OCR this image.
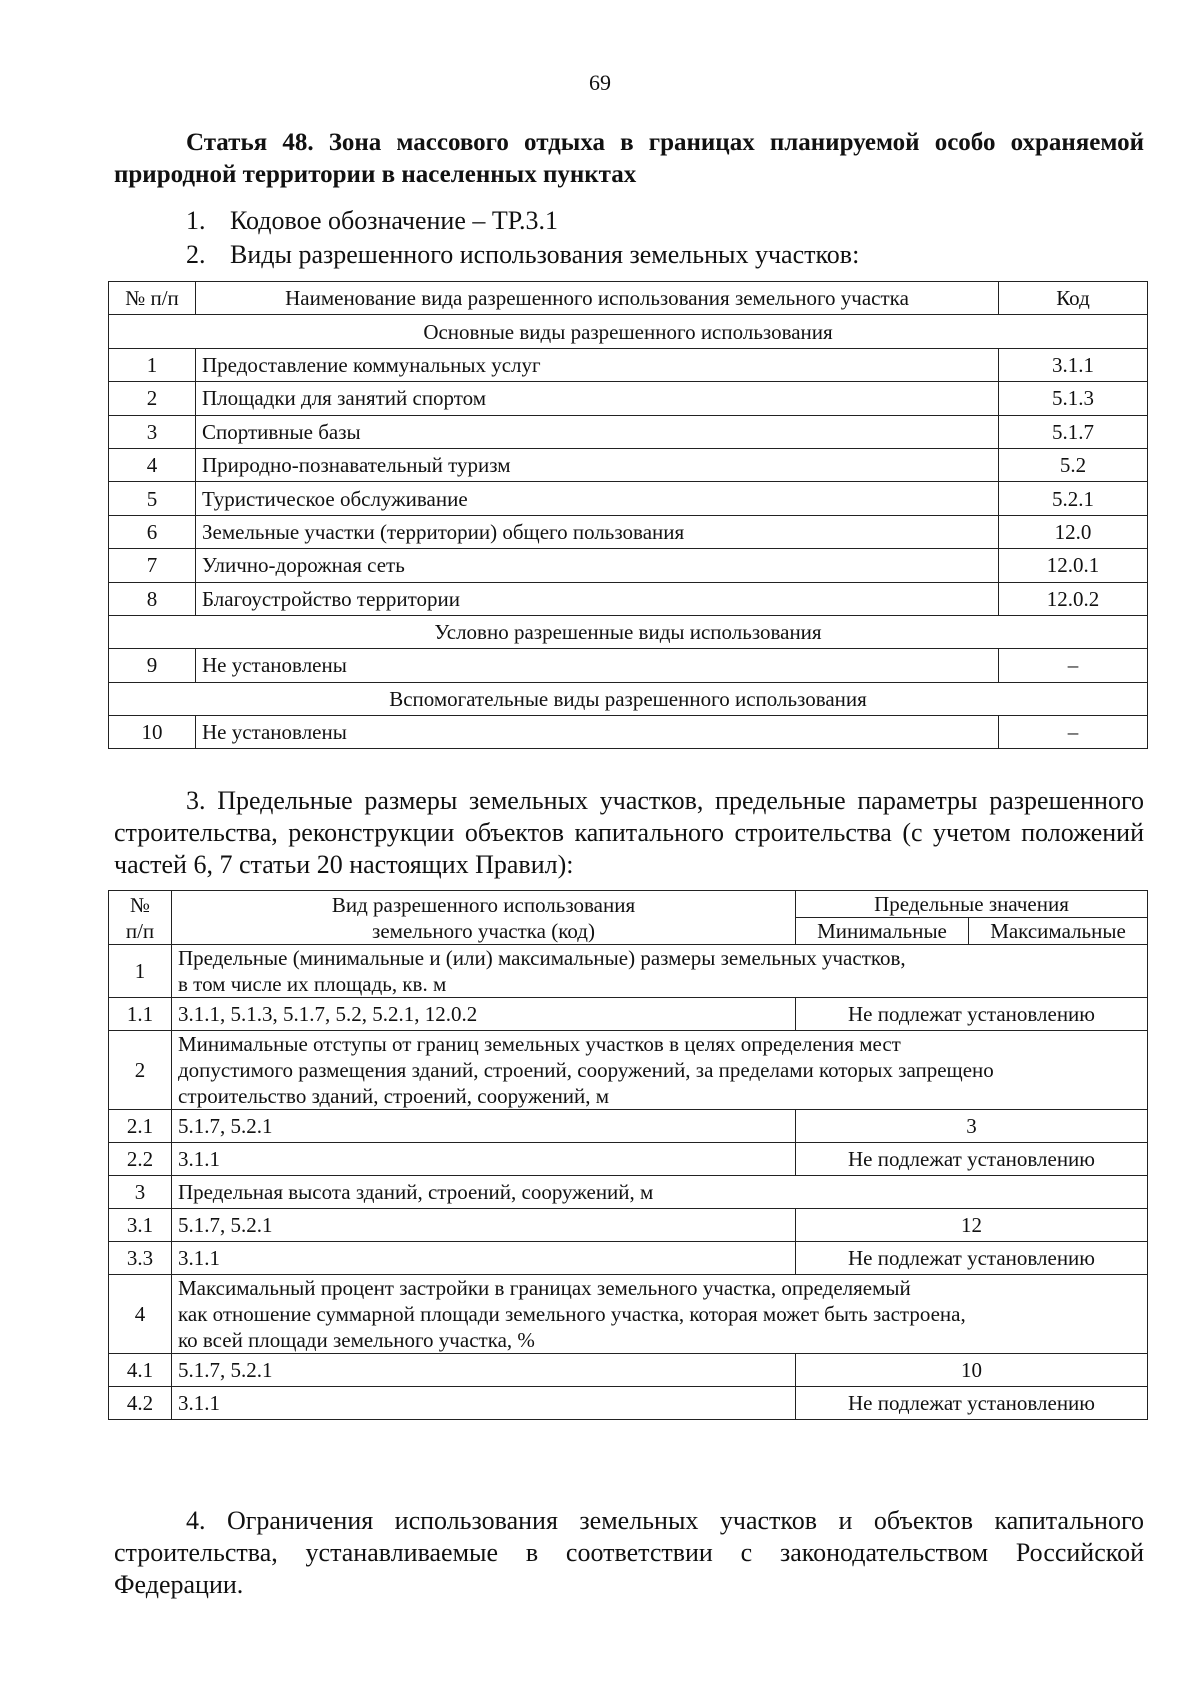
69
Статья 48. Зона массового отдыха в границах планируемой особо охраняемой природной территории в населенных пунктах
1. Кодовое обозначение – ТР.3.1
2. Виды разрешенного использования земельных участков:
№ п/п	Наименование вида разрешенного использования земельного участка	Код
Основные виды разрешенного использования		
1	Предоставление коммунальных услуг	3.1.1
2	Площадки для занятий спортом	5.1.3
3	Спортивные базы	5.1.7
4	Природно-познавательный туризм	5.2
5	Туристическое обслуживание	5.2.1
6	Земельные участки (территории) общего пользования	12.0
7	Улично-дорожная сеть	12.0.1
8	Благоустройство территории	12.0.2
Условно разрешенные виды использования		
9	Не установлены	–
Вспомогательные виды разрешенного использования		
10	Не установлены	–
3. Предельные размеры земельных участков, предельные параметры разрешенного строительства, реконструкции объектов капитального строительства (с учетом положений частей 6, 7 статьи 20 настоящих Правил):
№
п/п	Вид разрешенного использования
земельного участка (код)	Предельные значения	
		Минимальные	Максимальные
1	Предельные (минимальные и (или) максимальные) размеры земельных участков,
в том числе их площадь, кв. м		

1.1	3.1.1, 5.1.3, 5.1.7, 5.2, 5.2.1, 12.0.2	Не подлежат установлению	
2	Минимальные отступы от границ земельных участков в целях определения мест
допустимого размещения зданий, строений, сооружений, за пределами которых запрещено
строительство зданий, строений, сооружений, м		

2.1	5.1.7, 5.2.1	3	
2.2	3.1.1	Не подлежат установлению	
3	Предельная высота зданий, строений, сооружений, м		
3.1	5.1.7, 5.2.1	12	
3.3	3.1.1	Не подлежат установлению	
4	Максимальный процент застройки в границах земельного участка, определяемый
как отношение суммарной площади земельного участка, которая может быть застроена,
ко всей площади земельного участка, %		

4.1	5.1.7, 5.2.1	10	
4.2	3.1.1	Не подлежат установлению	
4. Ограничения использования земельных участков и объектов капитального строительства, устанавливаемые в соответствии с законодательством Российской Федерации.
